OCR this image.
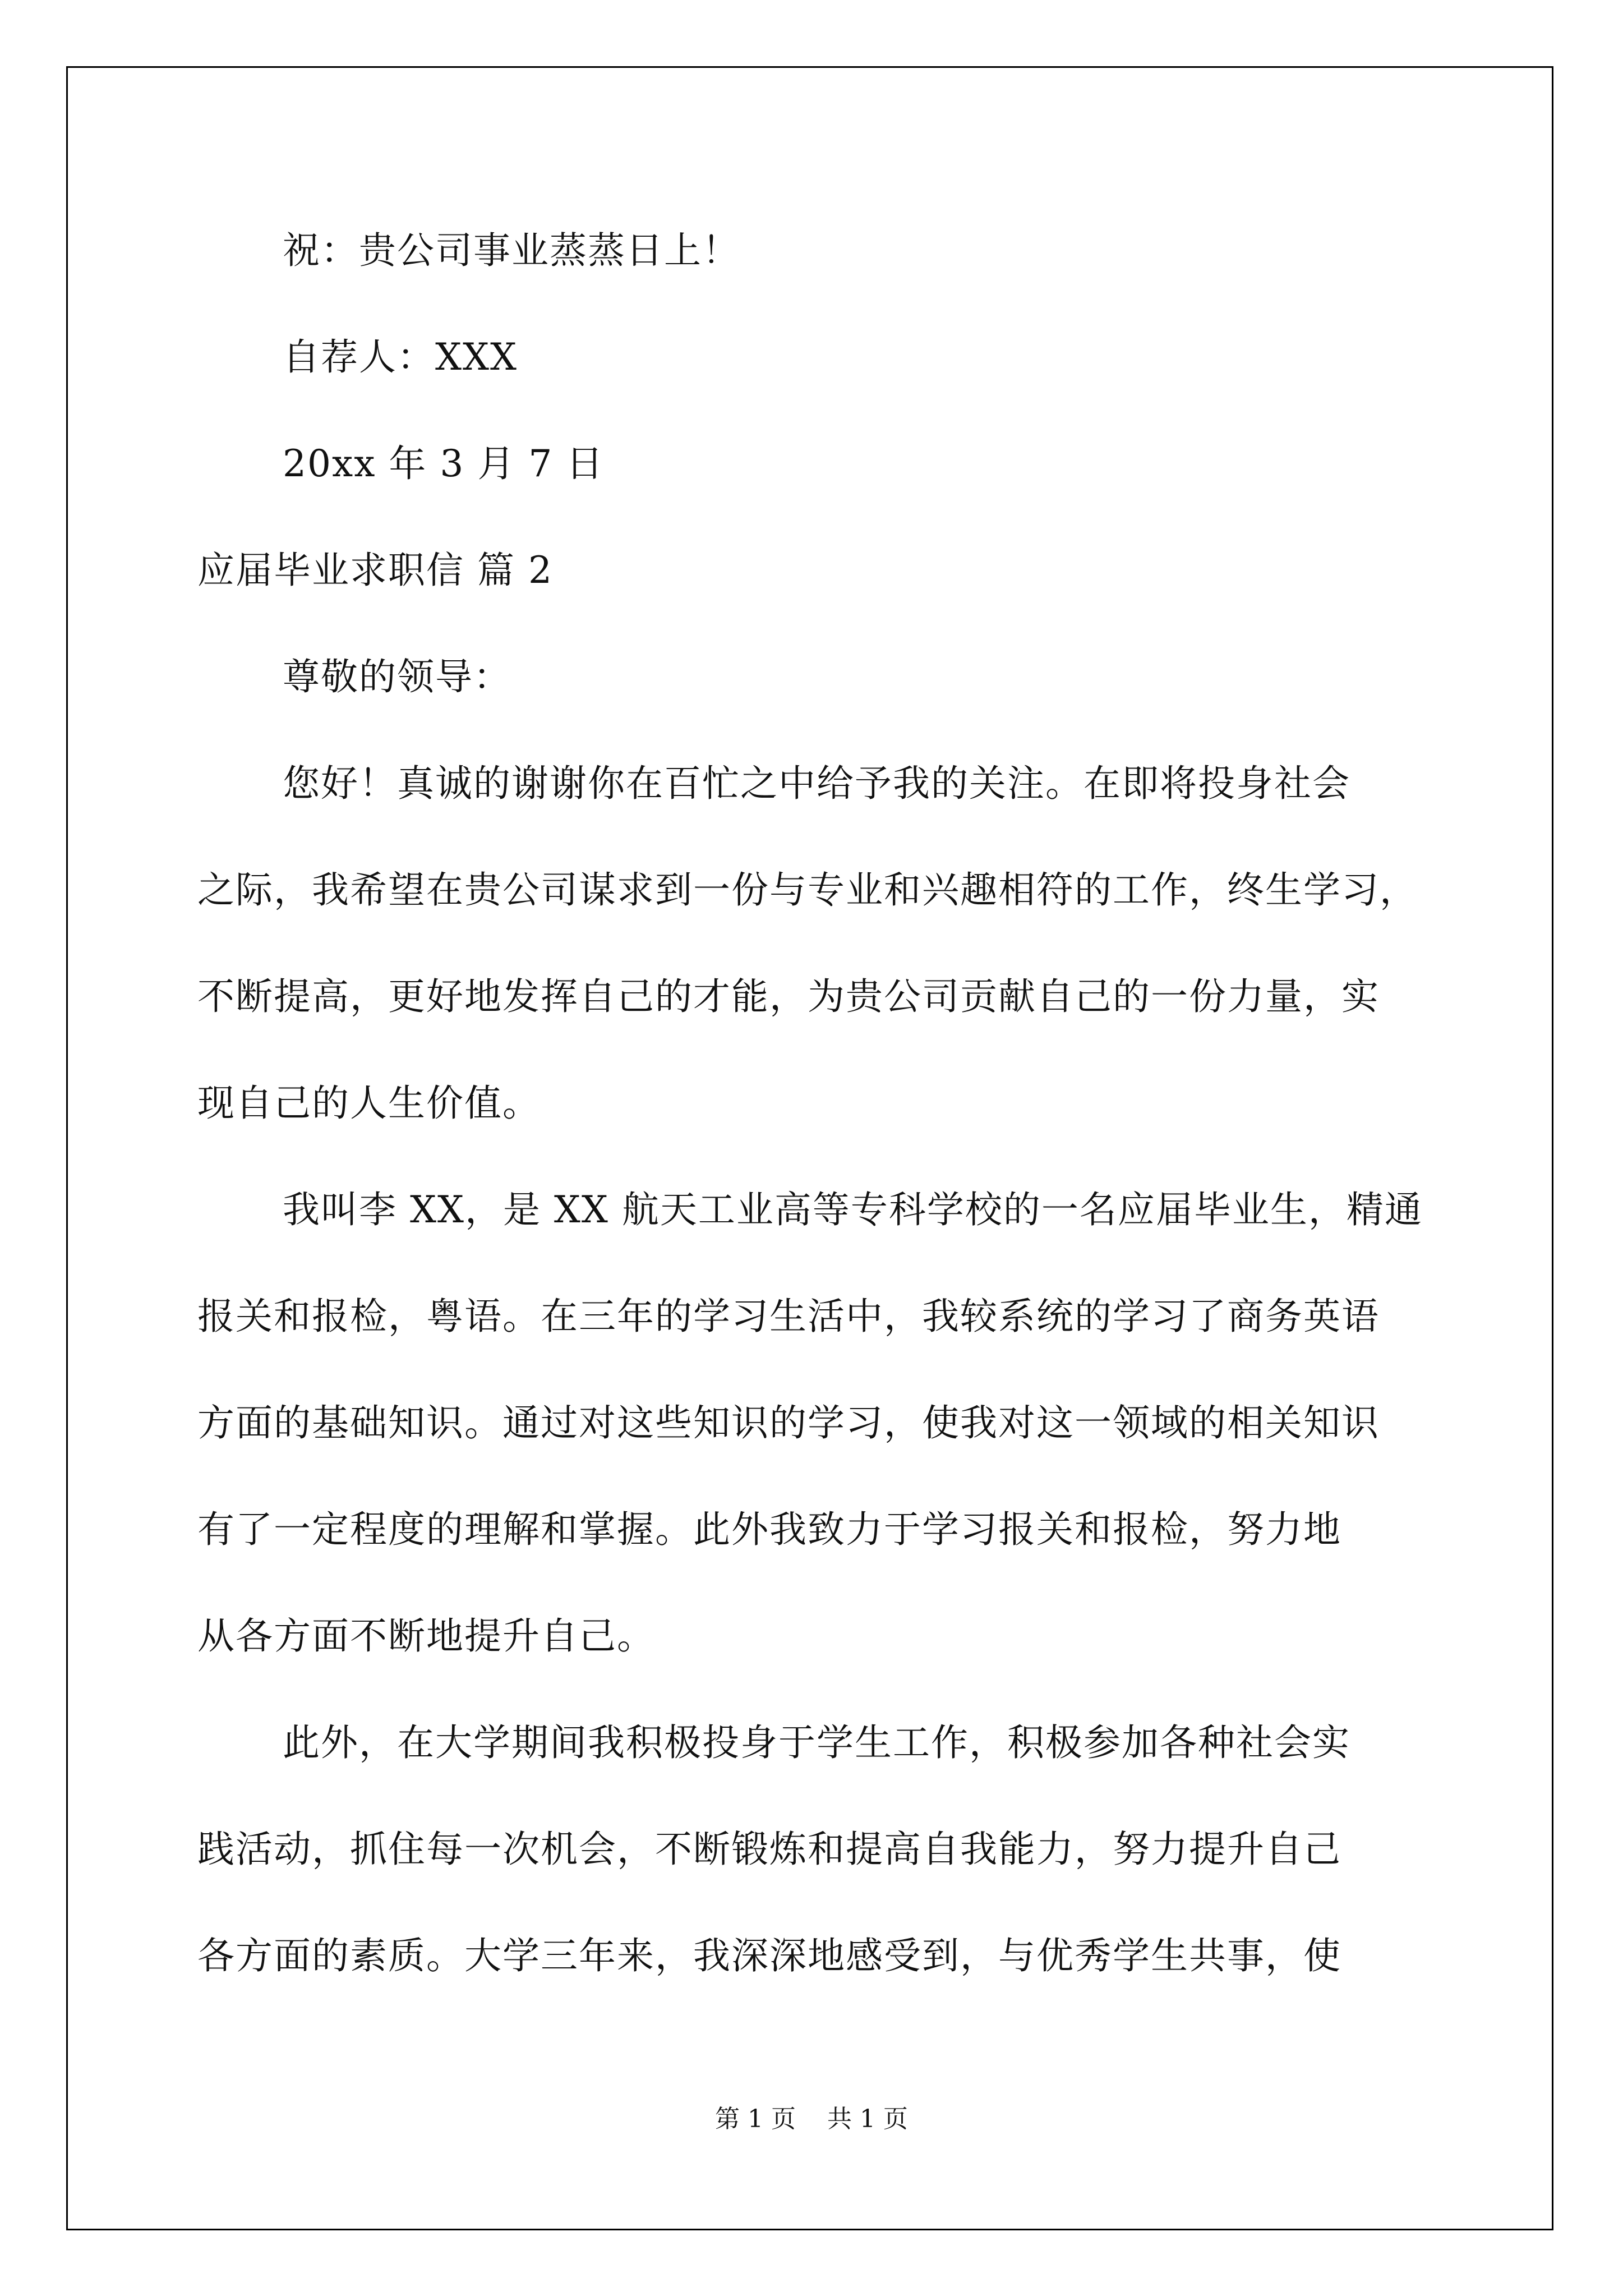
祝：贵公司事业蒸蒸日上！
自荐人：XXX
20xx 年 3 月 7 日
应届毕业求职信 篇 2
尊敬的领导：
您好！真诚的谢谢你在百忙之中给予我的关注。在即将投身社会
之际，我希望在贵公司谋求到一份与专业和兴趣相符的工作，终生学习，
不断提高，更好地发挥自己的才能，为贵公司贡献自己的一份力量，实
现自己的人生价值。
我叫李 XX，是 XX 航天工业高等专科学校的一名应届毕业生，精通
报关和报检，粤语。在三年的学习生活中，我较系统的学习了商务英语
方面的基础知识。通过对这些知识的学习，使我对这一领域的相关知识
有了一定程度的理解和掌握。此外我致力于学习报关和报检，努力地
从各方面不断地提升自己。
此外，在大学期间我积极投身于学生工作，积极参加各种社会实
践活动，抓住每一次机会，不断锻炼和提高自我能力，努力提升自己
各方面的素质。大学三年来，我深深地感受到，与优秀学生共事，使
第 1 页    共 1 页
